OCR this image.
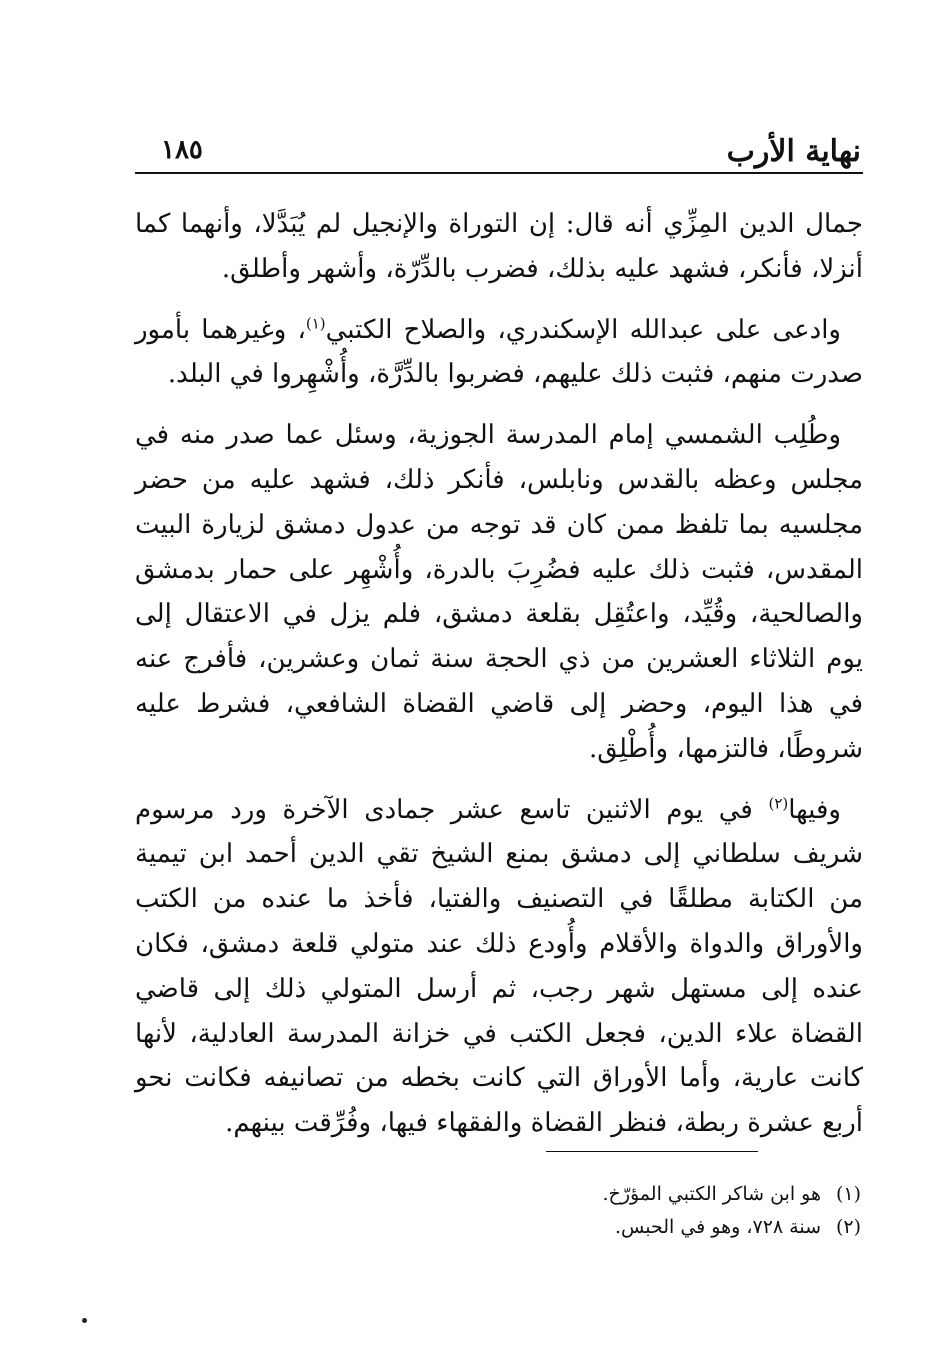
نهاية الأرب
١٨٥

جمال الدين المِزِّي أنه قال: إن التوراة والإنجيل لم يُبَدَّلا، وأنهما كما أنزلا، فأنكر، فشهد عليه بذلك، فضرب بالدِّرّة، وأشهر وأطلق.

وادعى على عبدالله الإسكندري، والصلاح الكتبي$^{(١)}$، وغيرهما بأمور صدرت منهم، فثبت ذلك عليهم، فضربوا بالدِّرَّة، وأُشْهِروا في البلد.

وطُلِب الشمسي إمام المدرسة الجوزية، وسئل عما صدر منه في مجلس وعظه بالقدس ونابلس، فأنكر ذلك، فشهد عليه من حضر مجلسيه بما تلفظ ممن كان قد توجه من عدول دمشق لزيارة البيت المقدس، فثبت ذلك عليه فضُرِبَ بالدرة، وأُشْهِر على حمار بدمشق والصالحية، وقُيِّد، واعتُقِل بقلعة دمشق، فلم يزل في الاعتقال إلى يوم الثلاثاء العشرين من ذي الحجة سنة ثمان وعشرين، فأفرج عنه في هذا اليوم، وحضر إلى قاضي القضاة الشافعي، فشرط عليه شروطًا، فالتزمها، وأُطْلِق.

وفيها$^{(٢)}$ في يوم الاثنين تاسع عشر جمادى الآخرة ورد مرسوم شريف سلطاني إلى دمشق بمنع الشيخ تقي الدين أحمد ابن تيمية من الكتابة مطلقًا في التصنيف والفتيا، فأخذ ما عنده من الكتب والأوراق والدواة والأقلام وأُودع ذلك عند متولي قلعة دمشق، فكان عنده إلى مستهل شهر رجب، ثم أرسل المتولي ذلك إلى قاضي القضاة علاء الدين، فجعل الكتب في خزانة المدرسة العادلية، لأنها كانت عارية، وأما الأوراق التي كانت بخطه من تصانيفه فكانت نحو أربع عشرة ربطة، فنظر القضاة والفقهاء فيها، وفُرِّقت بينهم.

(١)هو ابن شاكر الكتبي المؤرّخ.
(٢)سنة ٧٢٨، وهو في الحبس.
